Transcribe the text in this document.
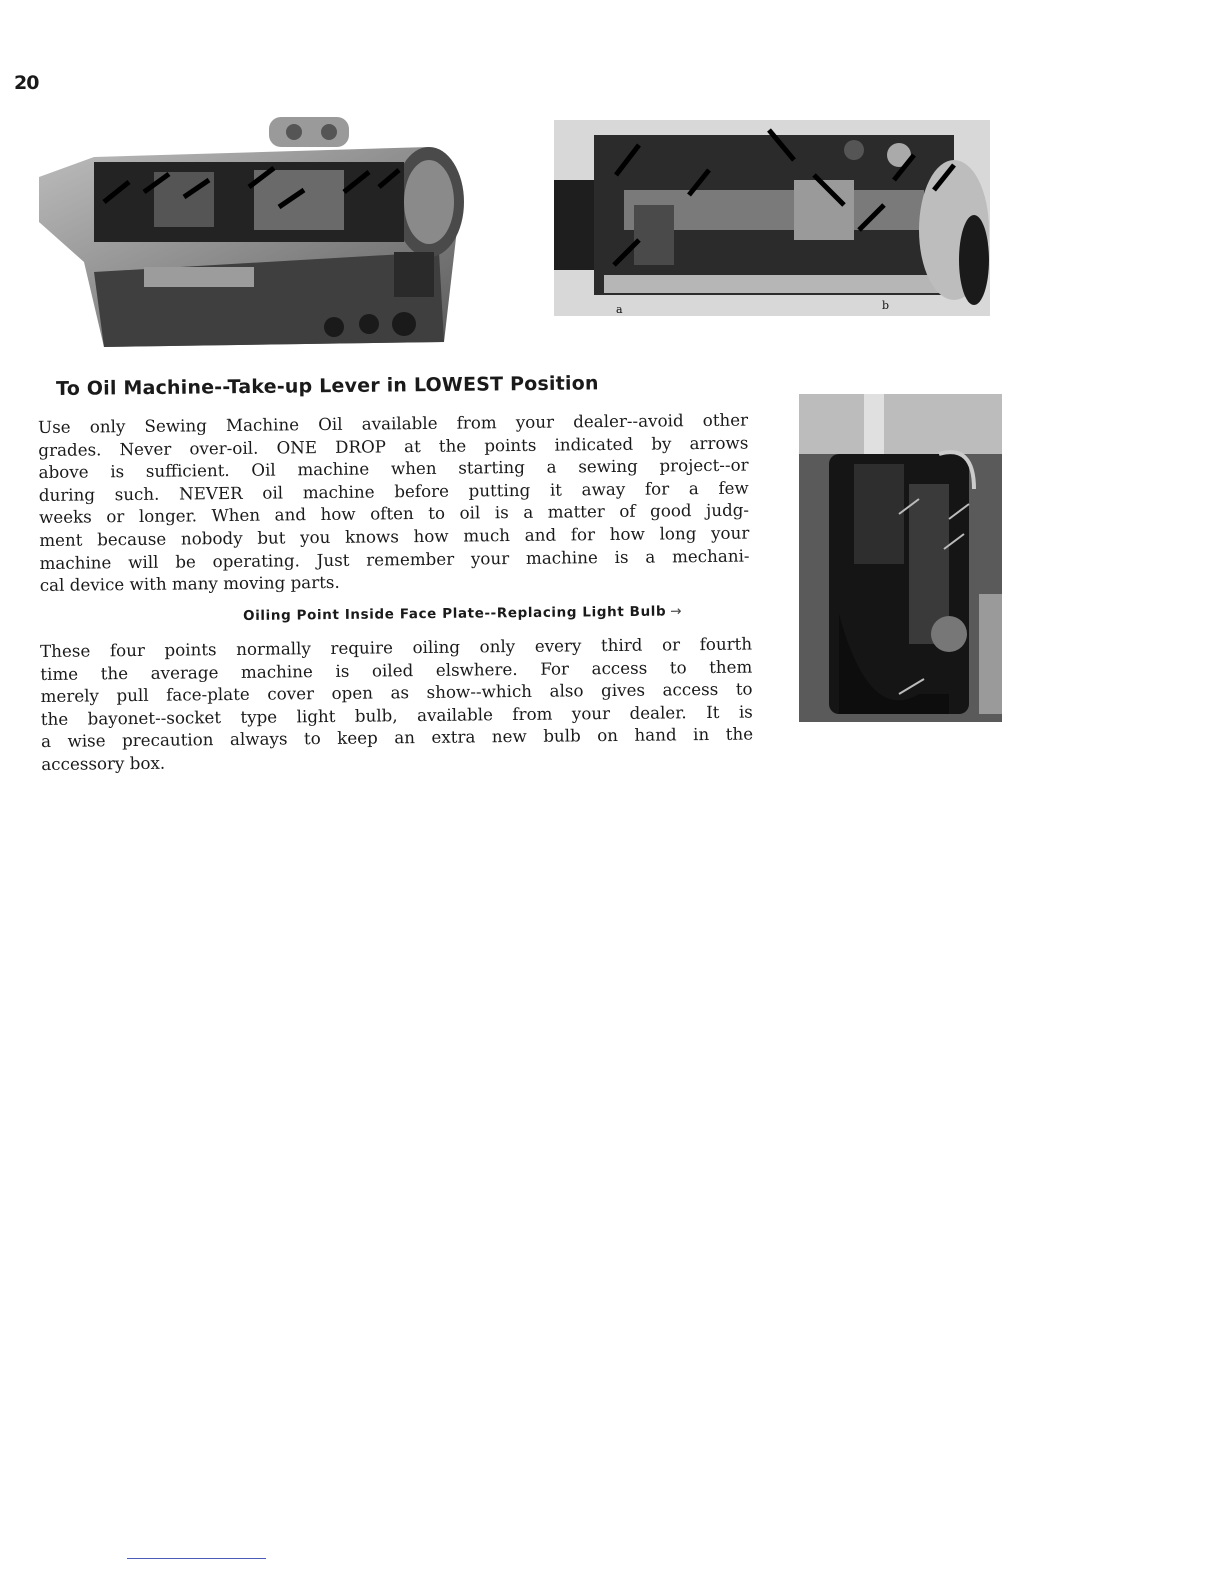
20
a	b
To Oil Machine--Take-up Lever in LOWEST Position

Use only Sewing Machine Oil available from your dealer--avoid other
grades. Never over-oil. ONE DROP at the points indicated by arrows
above is sufficient. Oil machine when starting a sewing project--or
during such. NEVER oil machine before putting it away for a few
weeks or longer. When and how often to oil is a matter of good judg-
ment because nobody but you knows how much and for how long your
machine will be operating. Just remember your machine is a mechani-
cal device with many moving parts.

Oiling Point Inside Face Plate--Replacing Light Bulb →

These four points normally require oiling only every third or fourth
time the average machine is oiled elswhere. For access to them
merely pull face-plate cover open as show--which also gives access to
the bayonet--socket type light bulb, available from your dealer. It is
a wise precaution always to keep an extra new bulb on hand in the
accessory box.
